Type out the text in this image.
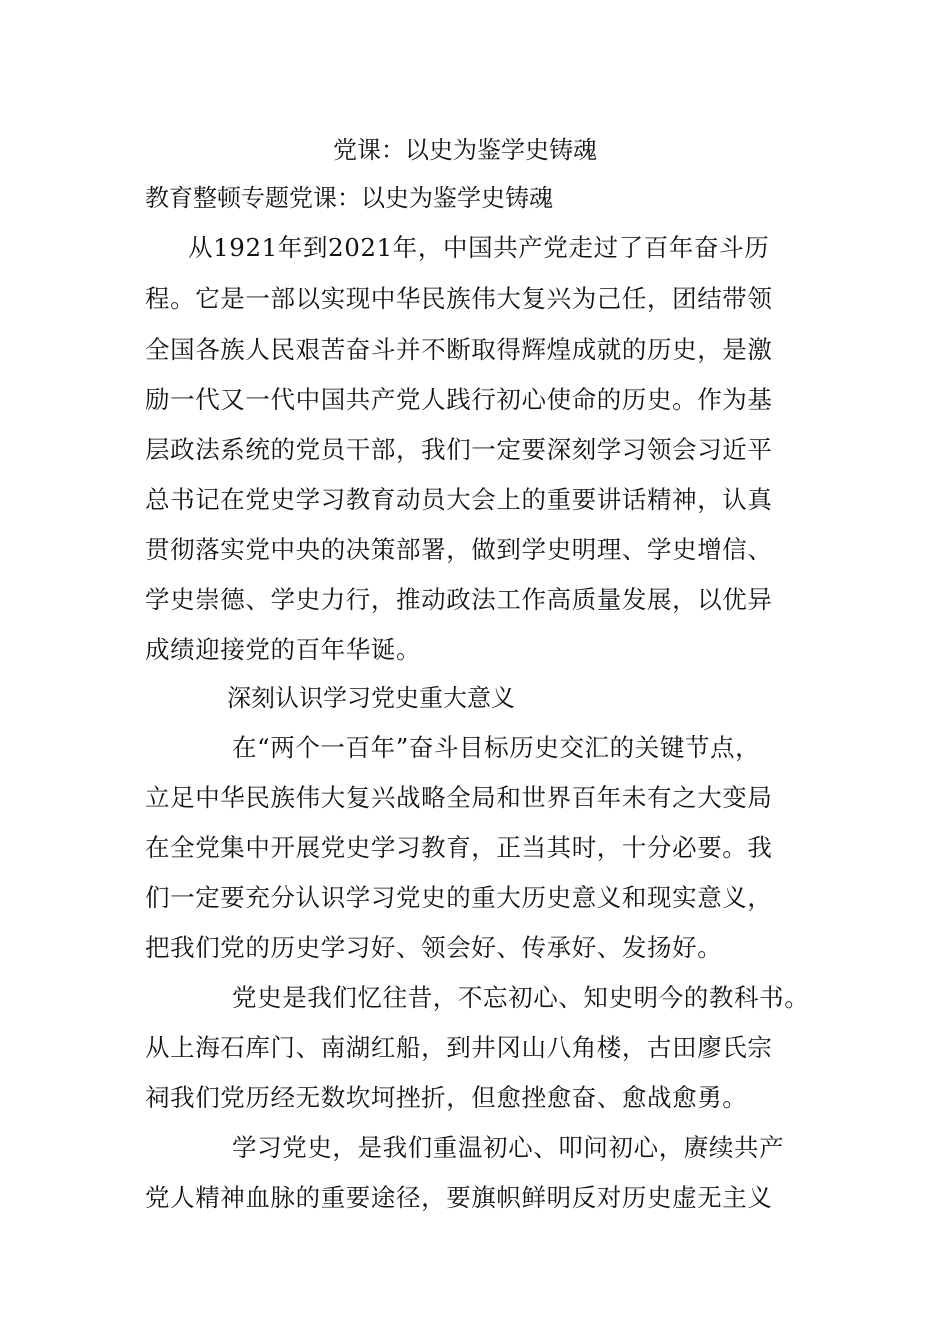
党课：以史为鉴学史铸魂
教育整顿专题党课：以史为鉴学史铸魂
从1921年到2021年，中国共产党走过了百年奋斗历
程。它是一部以实现中华民族伟大复兴为己任，团结带领
全国各族人民艰苦奋斗并不断取得辉煌成就的历史，是激
励一代又一代中国共产党人践行初心使命的历史。作为基
层政法系统的党员干部，我们一定要深刻学习领会习近平
总书记在党史学习教育动员大会上的重要讲话精神，认真
贯彻落实党中央的决策部署，做到学史明理、学史增信、
学史崇德、学史力行，推动政法工作高质量发展，以优异
成绩迎接党的百年华诞。
深刻认识学习党史重大意义
在“两个一百年”奋斗目标历史交汇的关键节点，
立足中华民族伟大复兴战略全局和世界百年未有之大变局
在全党集中开展党史学习教育，正当其时，十分必要。我
们一定要充分认识学习党史的重大历史意义和现实意义，
把我们党的历史学习好、领会好、传承好、发扬好。
党史是我们忆往昔，不忘初心、知史明今的教科书。
从上海石库门、南湖红船，到井冈山八角楼，古田廖氏宗
祠我们党历经无数坎坷挫折，但愈挫愈奋、愈战愈勇。
学习党史，是我们重温初心、叩问初心，赓续共产
党人精神血脉的重要途径，要旗帜鲜明反对历史虚无主义
